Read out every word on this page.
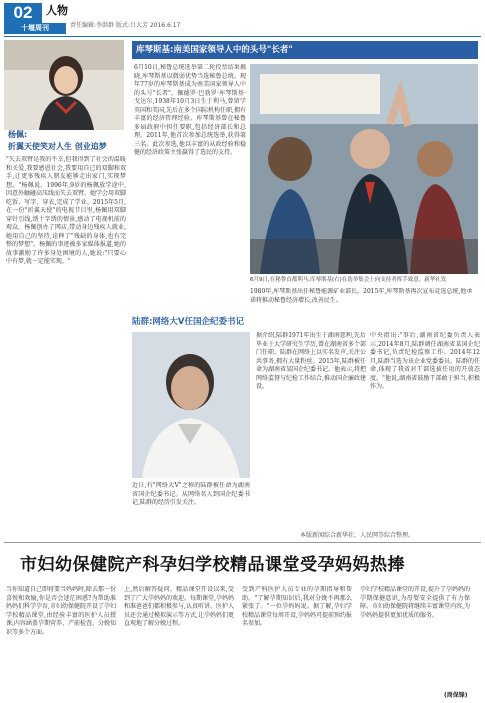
02
十堰周刊
人物
责任编辑:李洪群 版式:吕大芳 2016.6.17
杨佩:
折翼天使笑对人生 创业追梦
"失去双臂是我的不幸,但我得到了社会的温暖和关爱,我要感恩社会,我要用自己的双脚和双手,让更多残疾人朋友能够走出家门,实现梦想。"杨佩说。1996年,9岁的杨佩放学途中,因意外触碰高压线而失去双臂。她学会用双脚吃饭、写字、穿衣,完成了学业。2015年5月,在一份"折翼天使"的电视节目里,杨佩用双脚穿针引线,绣十字绣的情景,感动了电视机前的观众。杨佩创办了网店,带动身边残疾人就业,她用自己的坚持,诠释了"残缺的身体,也有完整的梦想"。杨佩的事迹被多家媒体报道,她的故事激励了许多身处困境的人,她说:"只要心中有梦,就一定能实现。"
库琴斯基:南美国家领导人中的头号"长者"
6月10日,秘鲁总统选举第二轮投票结果揭晓,库琴斯基以微弱优势当选秘鲁总统。现年77岁的库琴斯基成为南美国家领导人中的头号"长者"。佩德罗·巴勃罗·库琴斯基·戈达尔,1938年10月3日生于利马,曾留学英国和美国,先后在多个国际机构任职,拥有丰富的经济管理经验。库琴斯基曾在秘鲁多届政府中担任要职,包括经济部长和总理。2011年,他首次参加总统选举,获得第三名。此次参选,他以丰富的从政经验和稳健的经济政策主张赢得了选民的支持。
6月9日,在秘鲁首都利马,库琴斯基(右)在选举集会上向支持者挥手致意。新华社发
1980年,库琴斯基出任秘鲁能源矿业部长。2015年,库琴斯基再次宣布竞选总统,他承诺将推动秘鲁经济增长,改善民生。
陆群:网络大V任国企纪委书记
据介绍,陆群1971年出生于湖南慈利,先后毕业于大学研究生学历,曾在湖南省多个部门任职。陆群在网络上以实名发声,关注公共事务,拥有大量粉丝。2015年,陆群被任命为湖南省某国企纪委书记。他表示,将把网络监督与纪检工作结合,推动国企廉政建设。
中央指出:"事后,湖南省纪委负责人表示,2014年8月,陆群调任湖南省某国企纪委书记,负责纪检监察工作。2014年12月,陆群当选为该企业党委委员。陆群的任命,体现了我省对干部选拔任用的开放态度。"他说,湖南省鼓励干部敢于担当,积极作为。
近日,有"网络大V"之称的陆群被任命为湖南省国企纪委书记。从网络名人到国企纪委书记,陆群的经历引发关注。
本版新闻综合新华社、人民网等综合整理。
市妇幼保健院产科孕妇学校精品课堂受孕妈妈热捧
当你知道自己即将要当妈妈时,除去那一份喜悦和欢愉,你是否会迷茫困惑?为帮助准妈妈们科学孕育,市妇幼保健院开设了孕妇学校精品课堂,由经验丰富的医护人员授课,内容涵盖孕期营养、产前检查、分娩知识等多个方面。
上,然后解答疑问。精品课堂开设以来,受到了广大孕妈妈的欢迎。每期课堂,孕妈妈和准爸爸们都积极参与,认真听讲。医护人员还会通过模拟演示等方式,让孕妈妈们更直观地了解分娩过程。
受到产科医护人员专业的孕期指导和帮助。"了解孕期知识后,我对分娩不再那么紧张了。"一位孕妈妈说。据了解,孕妇学校精品课堂每周开设,孕妈妈可提前预约报名参加。
孕妇学校精品课堂的开设,提升了孕妈妈的孕期保健意识,为母婴安全提供了有力保障。市妇幼保健院将继续丰富课堂内容,为孕妈妈提供更加优质的服务。
(周保锋)
